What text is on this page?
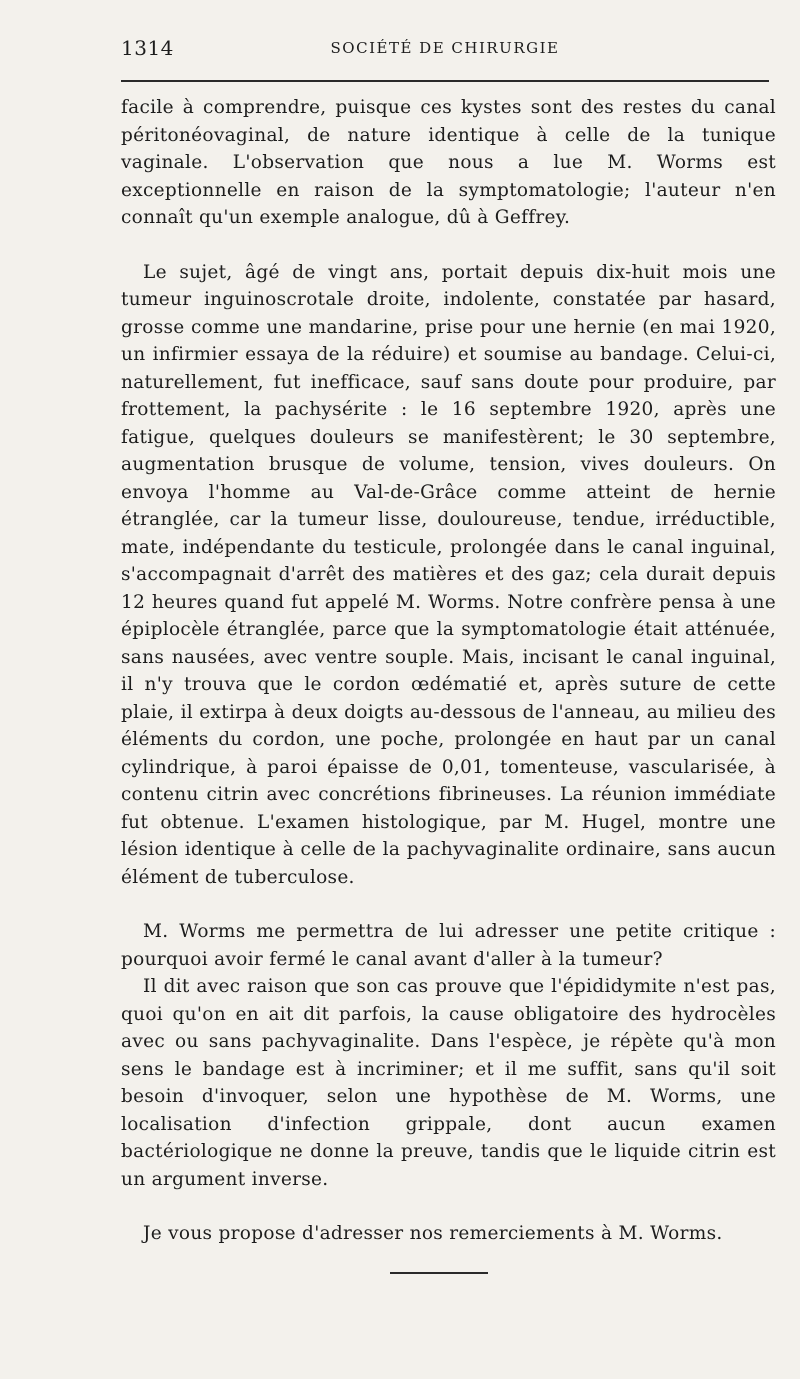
1314	SOCIÉTÉ DE CHIRURGIE

facile à comprendre, puisque ces kystes sont des restes du canal péritonéovaginal, de nature identique à celle de la tunique vaginale. L'observation que nous a lue M. Worms est exceptionnelle en raison de la symptomatologie; l'auteur n'en connaît qu'un exemple analogue, dû à Geffrey.

Le sujet, âgé de vingt ans, portait depuis dix-huit mois une tumeur inguinoscrotale droite, indolente, constatée par hasard, grosse comme une mandarine, prise pour une hernie (en mai 1920, un infirmier essaya de la réduire) et soumise au bandage. Celui-ci, naturellement, fut inefficace, sauf sans doute pour produire, par frottement, la pachysérite : le 16 septembre 1920, après une fatigue, quelques douleurs se manifestèrent; le 30 septembre, augmentation brusque de volume, tension, vives douleurs. On envoya l'homme au Val-de-Grâce comme atteint de hernie étranglée, car la tumeur lisse, douloureuse, tendue, irréductible, mate, indépendante du testicule, prolongée dans le canal inguinal, s'accompagnait d'arrêt des matières et des gaz; cela durait depuis 12 heures quand fut appelé M. Worms. Notre confrère pensa à une épiplocèle étranglée, parce que la symptomatologie était atténuée, sans nausées, avec ventre souple. Mais, incisant le canal inguinal, il n'y trouva que le cordon œdématié et, après suture de cette plaie, il extirpa à deux doigts au-dessous de l'anneau, au milieu des éléments du cordon, une poche, prolongée en haut par un canal cylindrique, à paroi épaisse de 0,01, tomenteuse, vascularisée, à contenu citrin avec concrétions fibrineuses. La réunion immédiate fut obtenue. L'examen histologique, par M. Hugel, montre une lésion identique à celle de la pachyvaginalite ordinaire, sans aucun élément de tuberculose.

M. Worms me permettra de lui adresser une petite critique : pourquoi avoir fermé le canal avant d'aller à la tumeur?

Il dit avec raison que son cas prouve que l'épididymite n'est pas, quoi qu'on en ait dit parfois, la cause obligatoire des hydrocèles avec ou sans pachyvaginalite. Dans l'espèce, je répète qu'à mon sens le bandage est à incriminer; et il me suffit, sans qu'il soit besoin d'invoquer, selon une hypothèse de M. Worms, une localisation d'infection grippale, dont aucun examen bactériologique ne donne la preuve, tandis que le liquide citrin est un argument inverse.

Je vous propose d'adresser nos remerciements à M. Worms.
